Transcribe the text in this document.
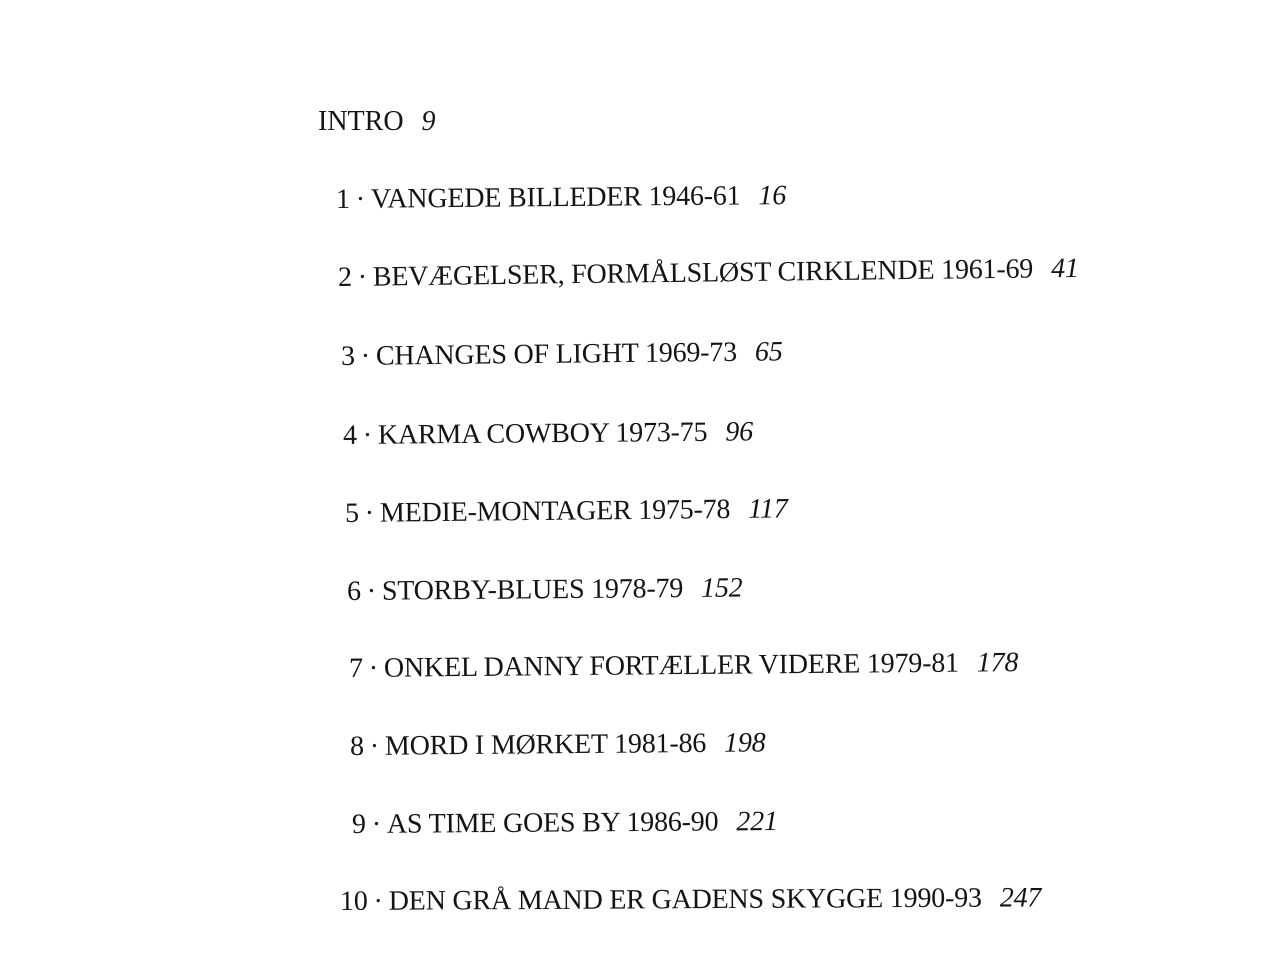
INTRO 9
1 · VANGEDE BILLEDER 1946-61 16
2 · BEVÆGELSER, FORMÅLSLØST CIRKLENDE 1961-69 41
3 · CHANGES OF LIGHT 1969-73 65
4 · KARMA COWBOY 1973-75 96
5 · MEDIE-MONTAGER 1975-78 117
6 · STORBY-BLUES 1978-79 152
7 · ONKEL DANNY FORTÆLLER VIDERE 1979-81 178
8 · MORD I MØRKET 1981-86 198
9 · AS TIME GOES BY 1986-90 221
10 · DEN GRÅ MAND ER GADENS SKYGGE 1990-93 247
